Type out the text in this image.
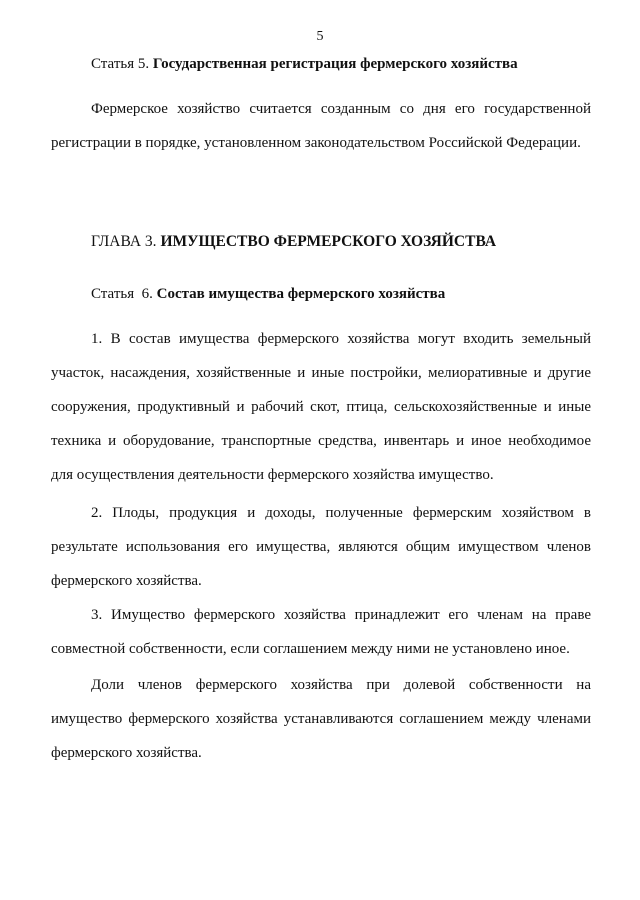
5
Статья 5. Государственная регистрация фермерского хозяйства
Фермерское хозяйство считается созданным со дня его государственной регистрации в порядке, установленном законодательством Российской Федерации.
ГЛАВА 3. ИМУЩЕСТВО ФЕРМЕРСКОГО ХОЗЯЙСТВА
Статья  6. Состав имущества фермерского хозяйства
1. В состав имущества фермерского хозяйства могут входить земельный участок, насаждения, хозяйственные и иные постройки, мелиоративные и другие сооружения, продуктивный и рабочий скот, птица, сельскохозяйственные и иные техника и оборудование, транспортные средства, инвентарь и иное необходимое для осуществления деятельности фермерского хозяйства имущество.
2. Плоды, продукция и доходы, полученные фермерским хозяйством в результате использования его имущества, являются общим имуществом членов фермерского хозяйства.
3. Имущество фермерского хозяйства принадлежит его членам на праве совместной собственности, если соглашением между ними не установлено иное.
Доли членов фермерского хозяйства при долевой собственности на имущество фермерского хозяйства устанавливаются соглашением между членами фермерского хозяйства.
